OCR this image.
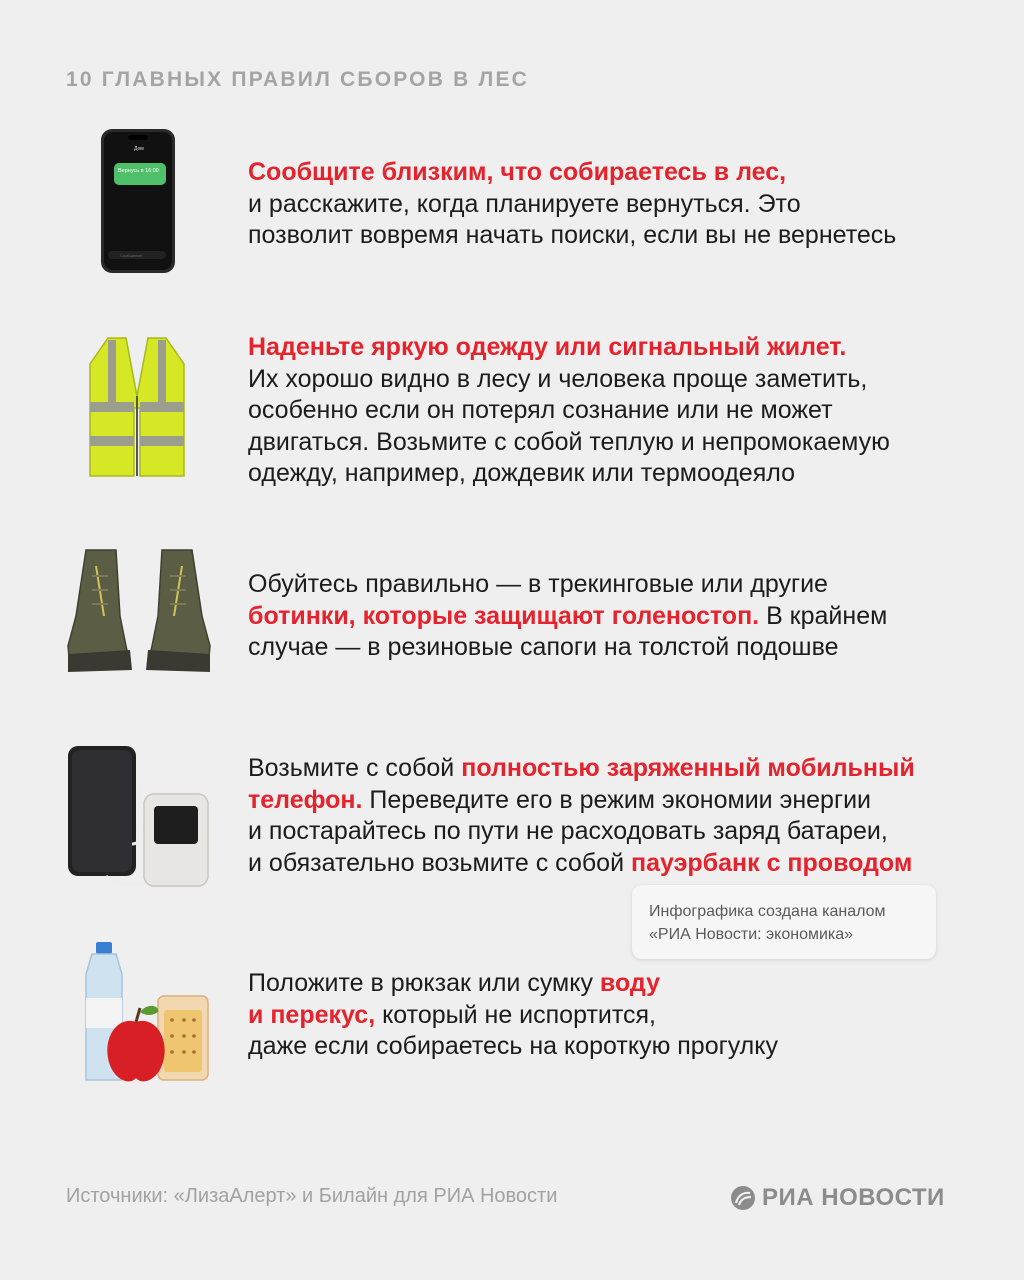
10 ГЛАВНЫХ ПРАВИЛ СБОРОВ В ЛЕС
Дом
Вернусь в 16:00
Сообщение
Сообщите близким, что собираетесь в лес,
и расскажите, когда планируете вернуться. Это
позволит вовремя начать поиски, если вы не вернетесь
Наденьте яркую одежду или сигнальный жилет.
Их хорошо видно в лесу и человека проще заметить,
особенно если он потерял сознание или не может
двигаться. Возьмите с собой теплую и непромокаемую
одежду, например, дождевик или термоодеяло
Обуйтесь правильно — в трекинговые или другие
ботинки, которые защищают голеностоп. В крайнем
случае — в резиновые сапоги на толстой подошве
Возьмите с собой полностью заряженный мобильный
телефон. Переведите его в режим экономии энергии
и постарайтесь по пути не расходовать заряд батареи,
и обязательно возьмите с собой пауэрбанк с проводом
Инфографика создана каналом
«РИА Новости: экономика»
Положите в рюкзак или сумку воду
и перекус, который не испортится,
даже если собираетесь на короткую прогулку
Источники: «ЛизаАлерт» и Билайн для РИА Новости	РИА НОВОСТИ
